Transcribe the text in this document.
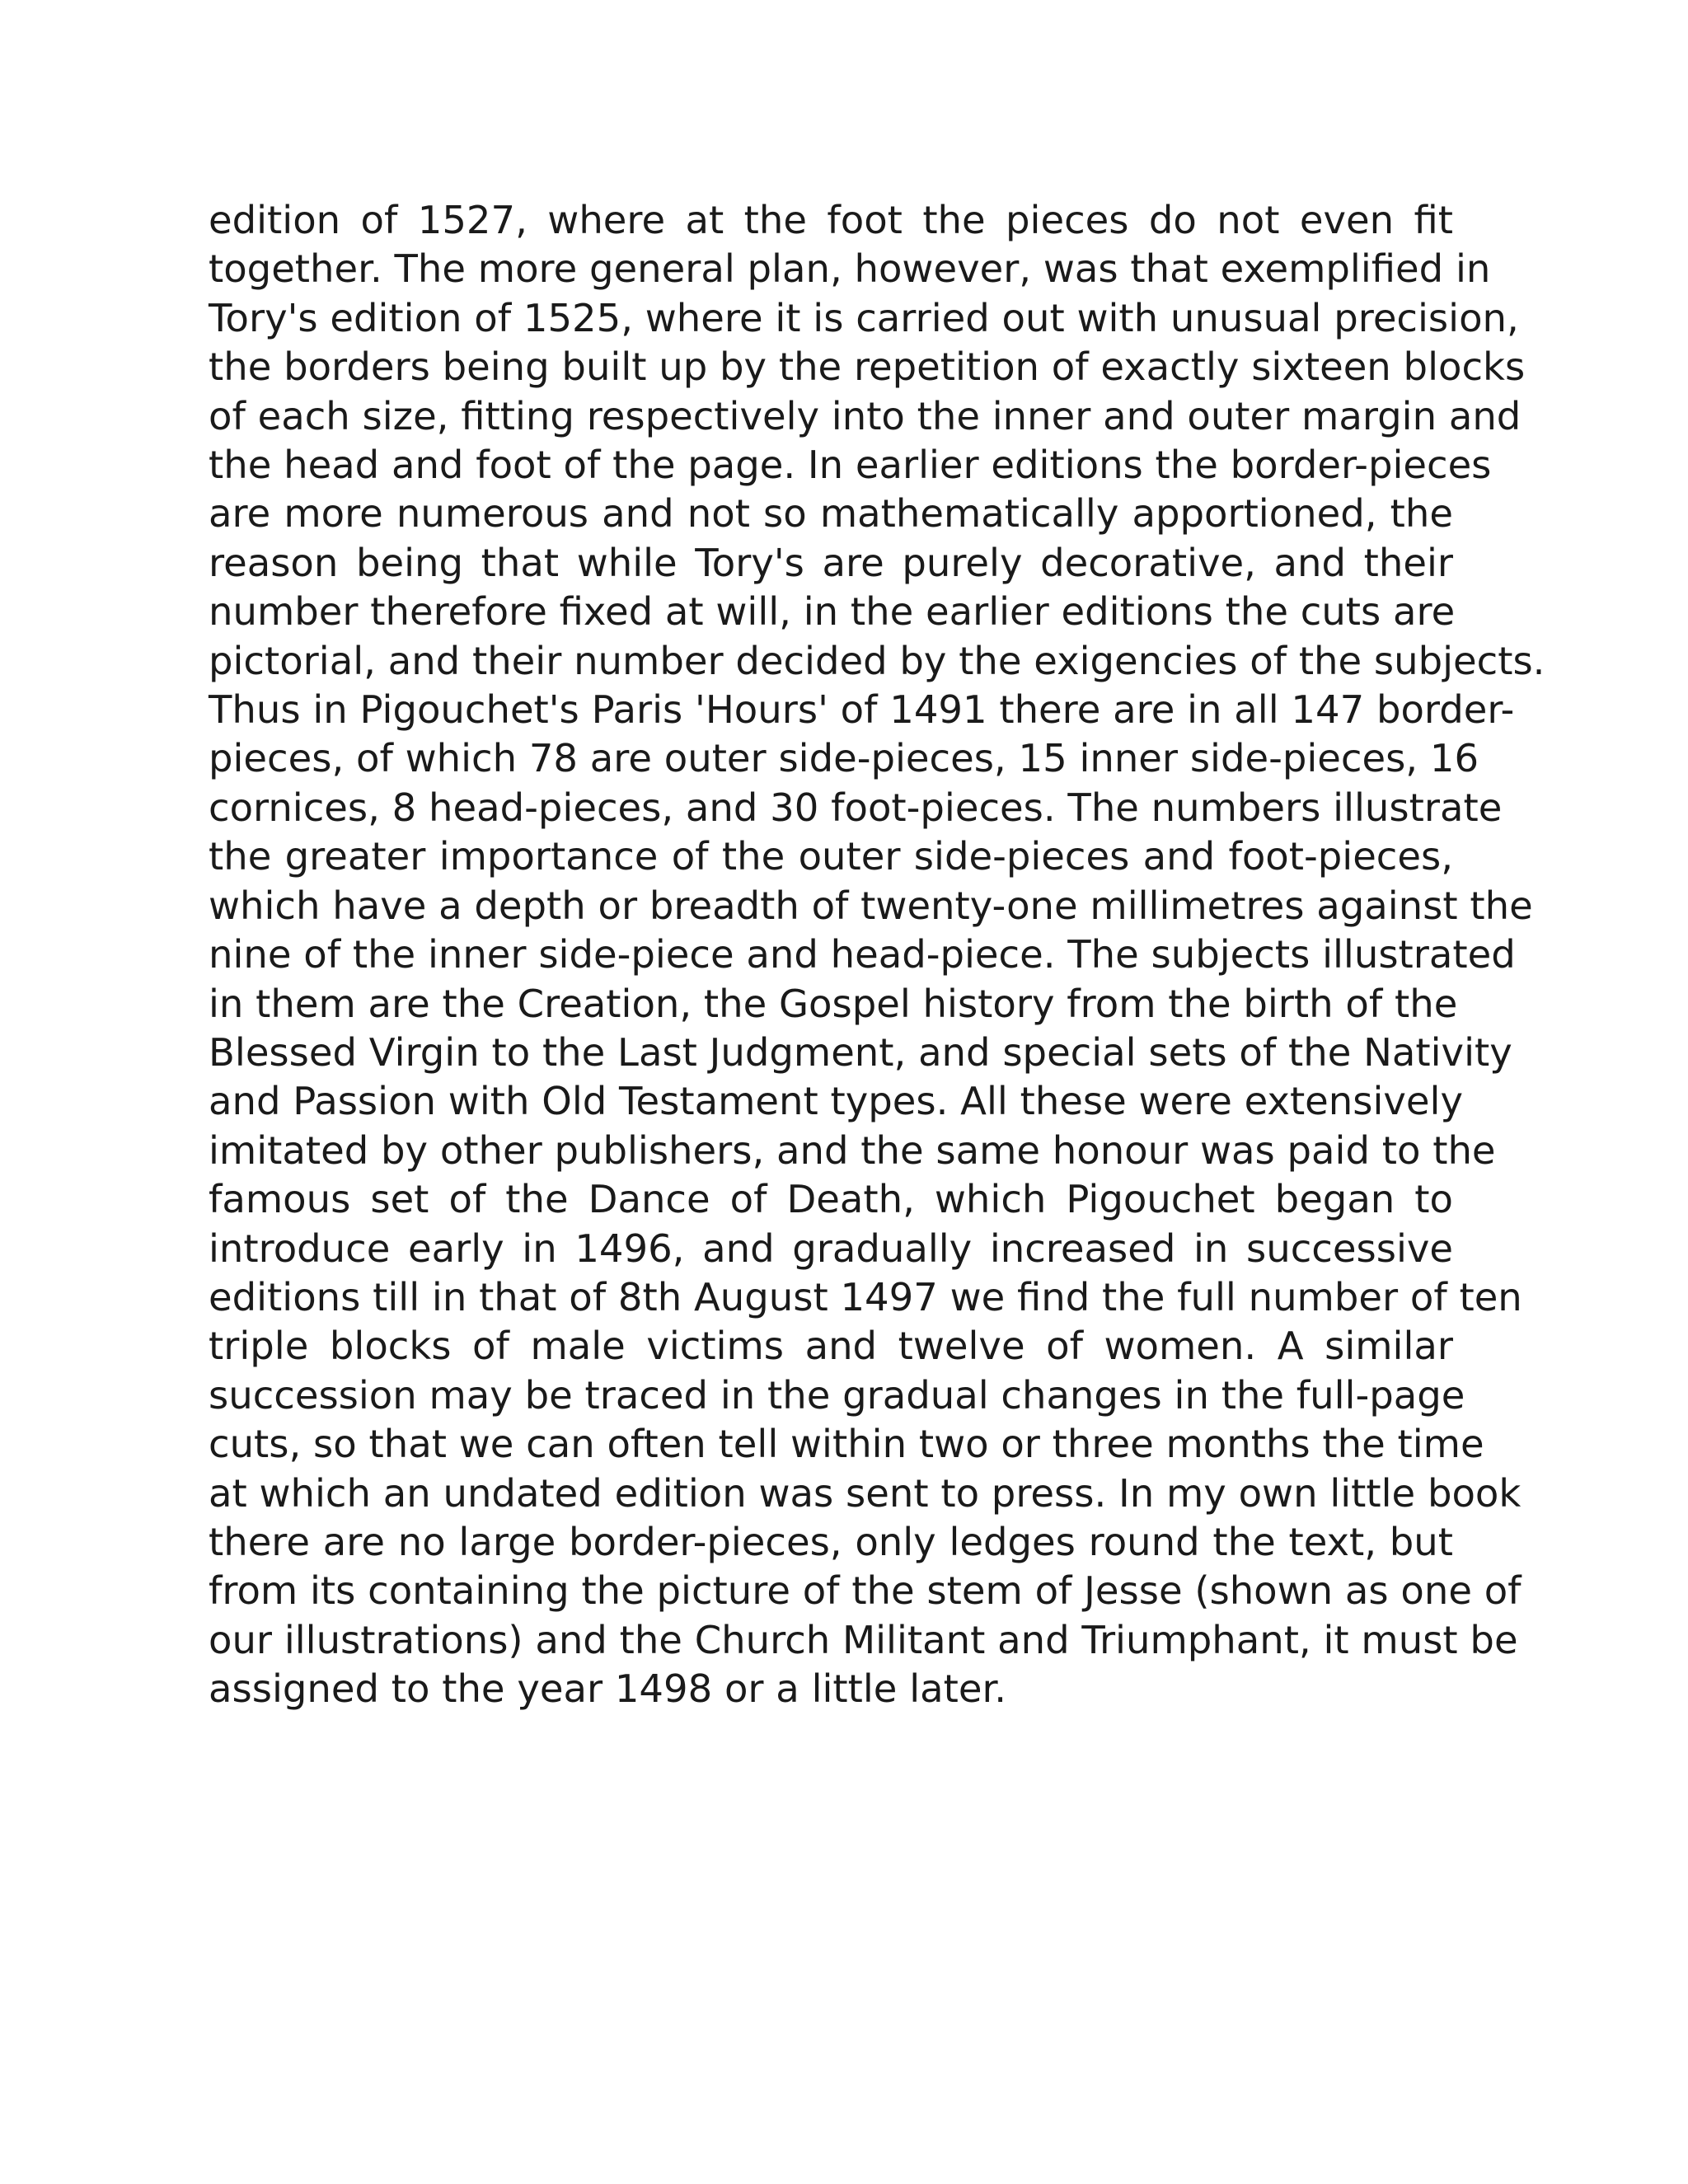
edition of 1527, where at the foot the pieces do not even fit
together. The more general plan, however, was that exemplified in
Tory's edition of 1525, where it is carried out with unusual precision,
the borders being built up by the repetition of exactly sixteen blocks
of each size, fitting respectively into the inner and outer margin and
the head and foot of the page. In earlier editions the border-pieces
are more numerous and not so mathematically apportioned, the
reason being that while Tory's are purely decorative, and their
number therefore fixed at will, in the earlier editions the cuts are
pictorial, and their number decided by the exigencies of the subjects.
Thus in Pigouchet's Paris 'Hours' of 1491 there are in all 147 border-
pieces, of which 78 are outer side-pieces, 15 inner side-pieces, 16
cornices, 8 head-pieces, and 30 foot-pieces. The numbers illustrate
the greater importance of the outer side-pieces and foot-pieces,
which have a depth or breadth of twenty-one millimetres against the
nine of the inner side-piece and head-piece. The subjects illustrated
in them are the Creation, the Gospel history from the birth of the
Blessed Virgin to the Last Judgment, and special sets of the Nativity
and Passion with Old Testament types. All these were extensively
imitated by other publishers, and the same honour was paid to the
famous set of the Dance of Death, which Pigouchet began to
introduce early in 1496, and gradually increased in successive
editions till in that of 8th August 1497 we find the full number of ten
triple blocks of male victims and twelve of women. A similar
succession may be traced in the gradual changes in the full-page
cuts, so that we can often tell within two or three months the time
at which an undated edition was sent to press. In my own little book
there are no large border-pieces, only ledges round the text, but
from its containing the picture of the stem of Jesse (shown as one of
our illustrations) and the Church Militant and Triumphant, it must be
assigned to the year 1498 or a little later.
